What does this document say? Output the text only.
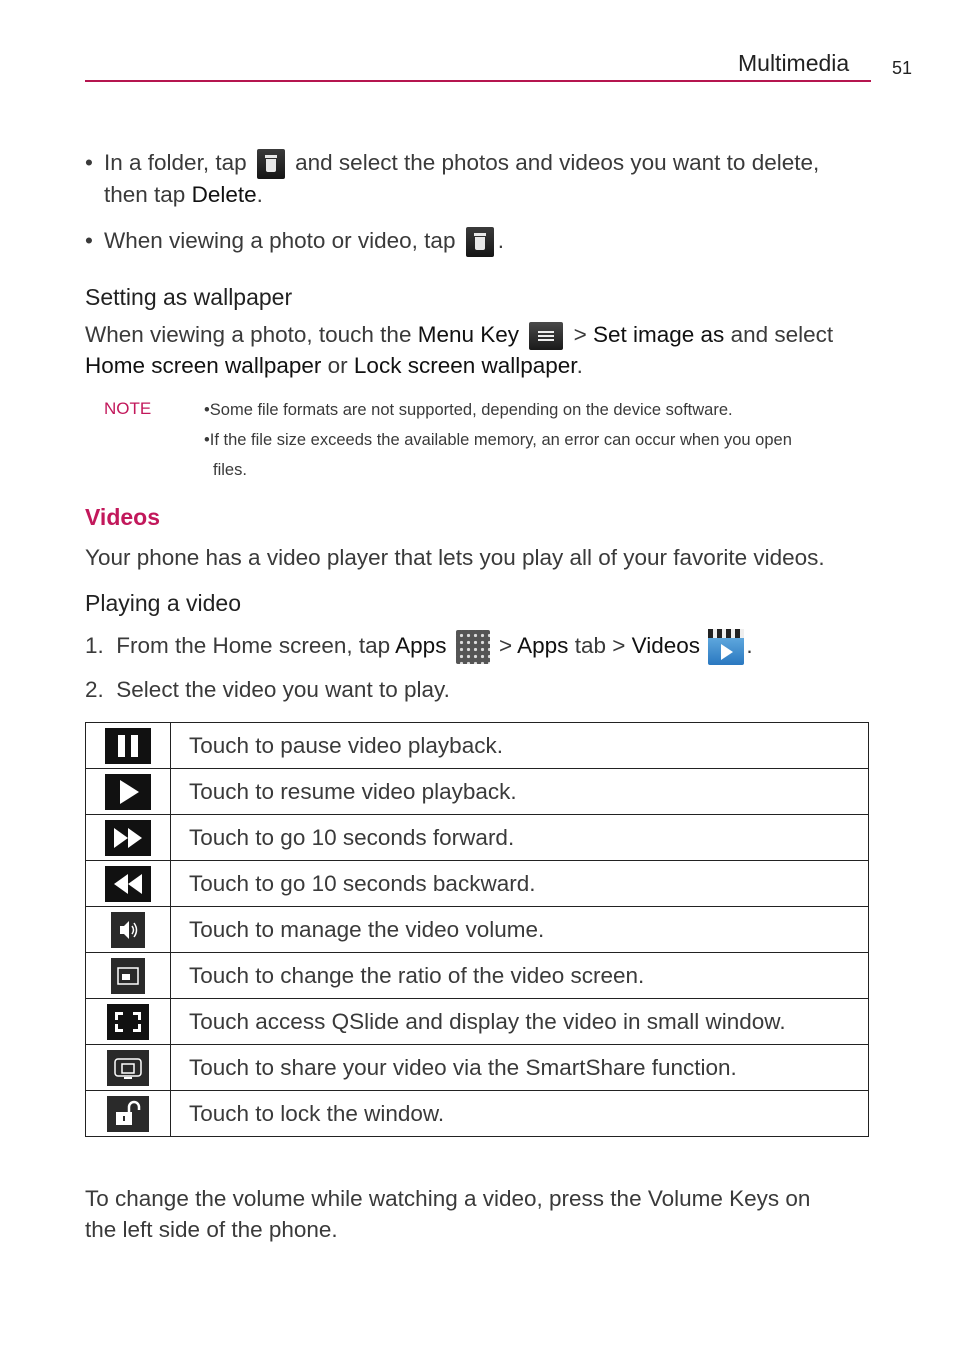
Multimedia 51
• In a folder, tap and select the photos and videos you want to delete,
then tap Delete.
• When viewing a photo or video, tap .
Setting as wallpaper
When viewing a photo, touch the Menu Key > Set image as and select
Home screen wallpaper or Lock screen wallpaper.
NOTE	•Some file formats are not supported, depending on the device software.
•If the file size exceeds the available memory, an error can occur when you open
files.
Videos
Your phone has a video player that lets you play all of your favorite videos.
Playing a video
1. From the Home screen, tap Apps > Apps tab > Videos .
2. Select the video you want to play.
	Touch to pause video playback.
	Touch to resume video playback.
	Touch to go 10 seconds forward.
	Touch to go 10 seconds backward.
	Touch to manage the video volume.
	Touch to change the ratio of the video screen.
	Touch access QSlide and display the video in small window.
	Touch to share your video via the SmartShare function.
	Touch to lock the window.
To change the volume while watching a video, press the Volume Keys on
the left side of the phone.
